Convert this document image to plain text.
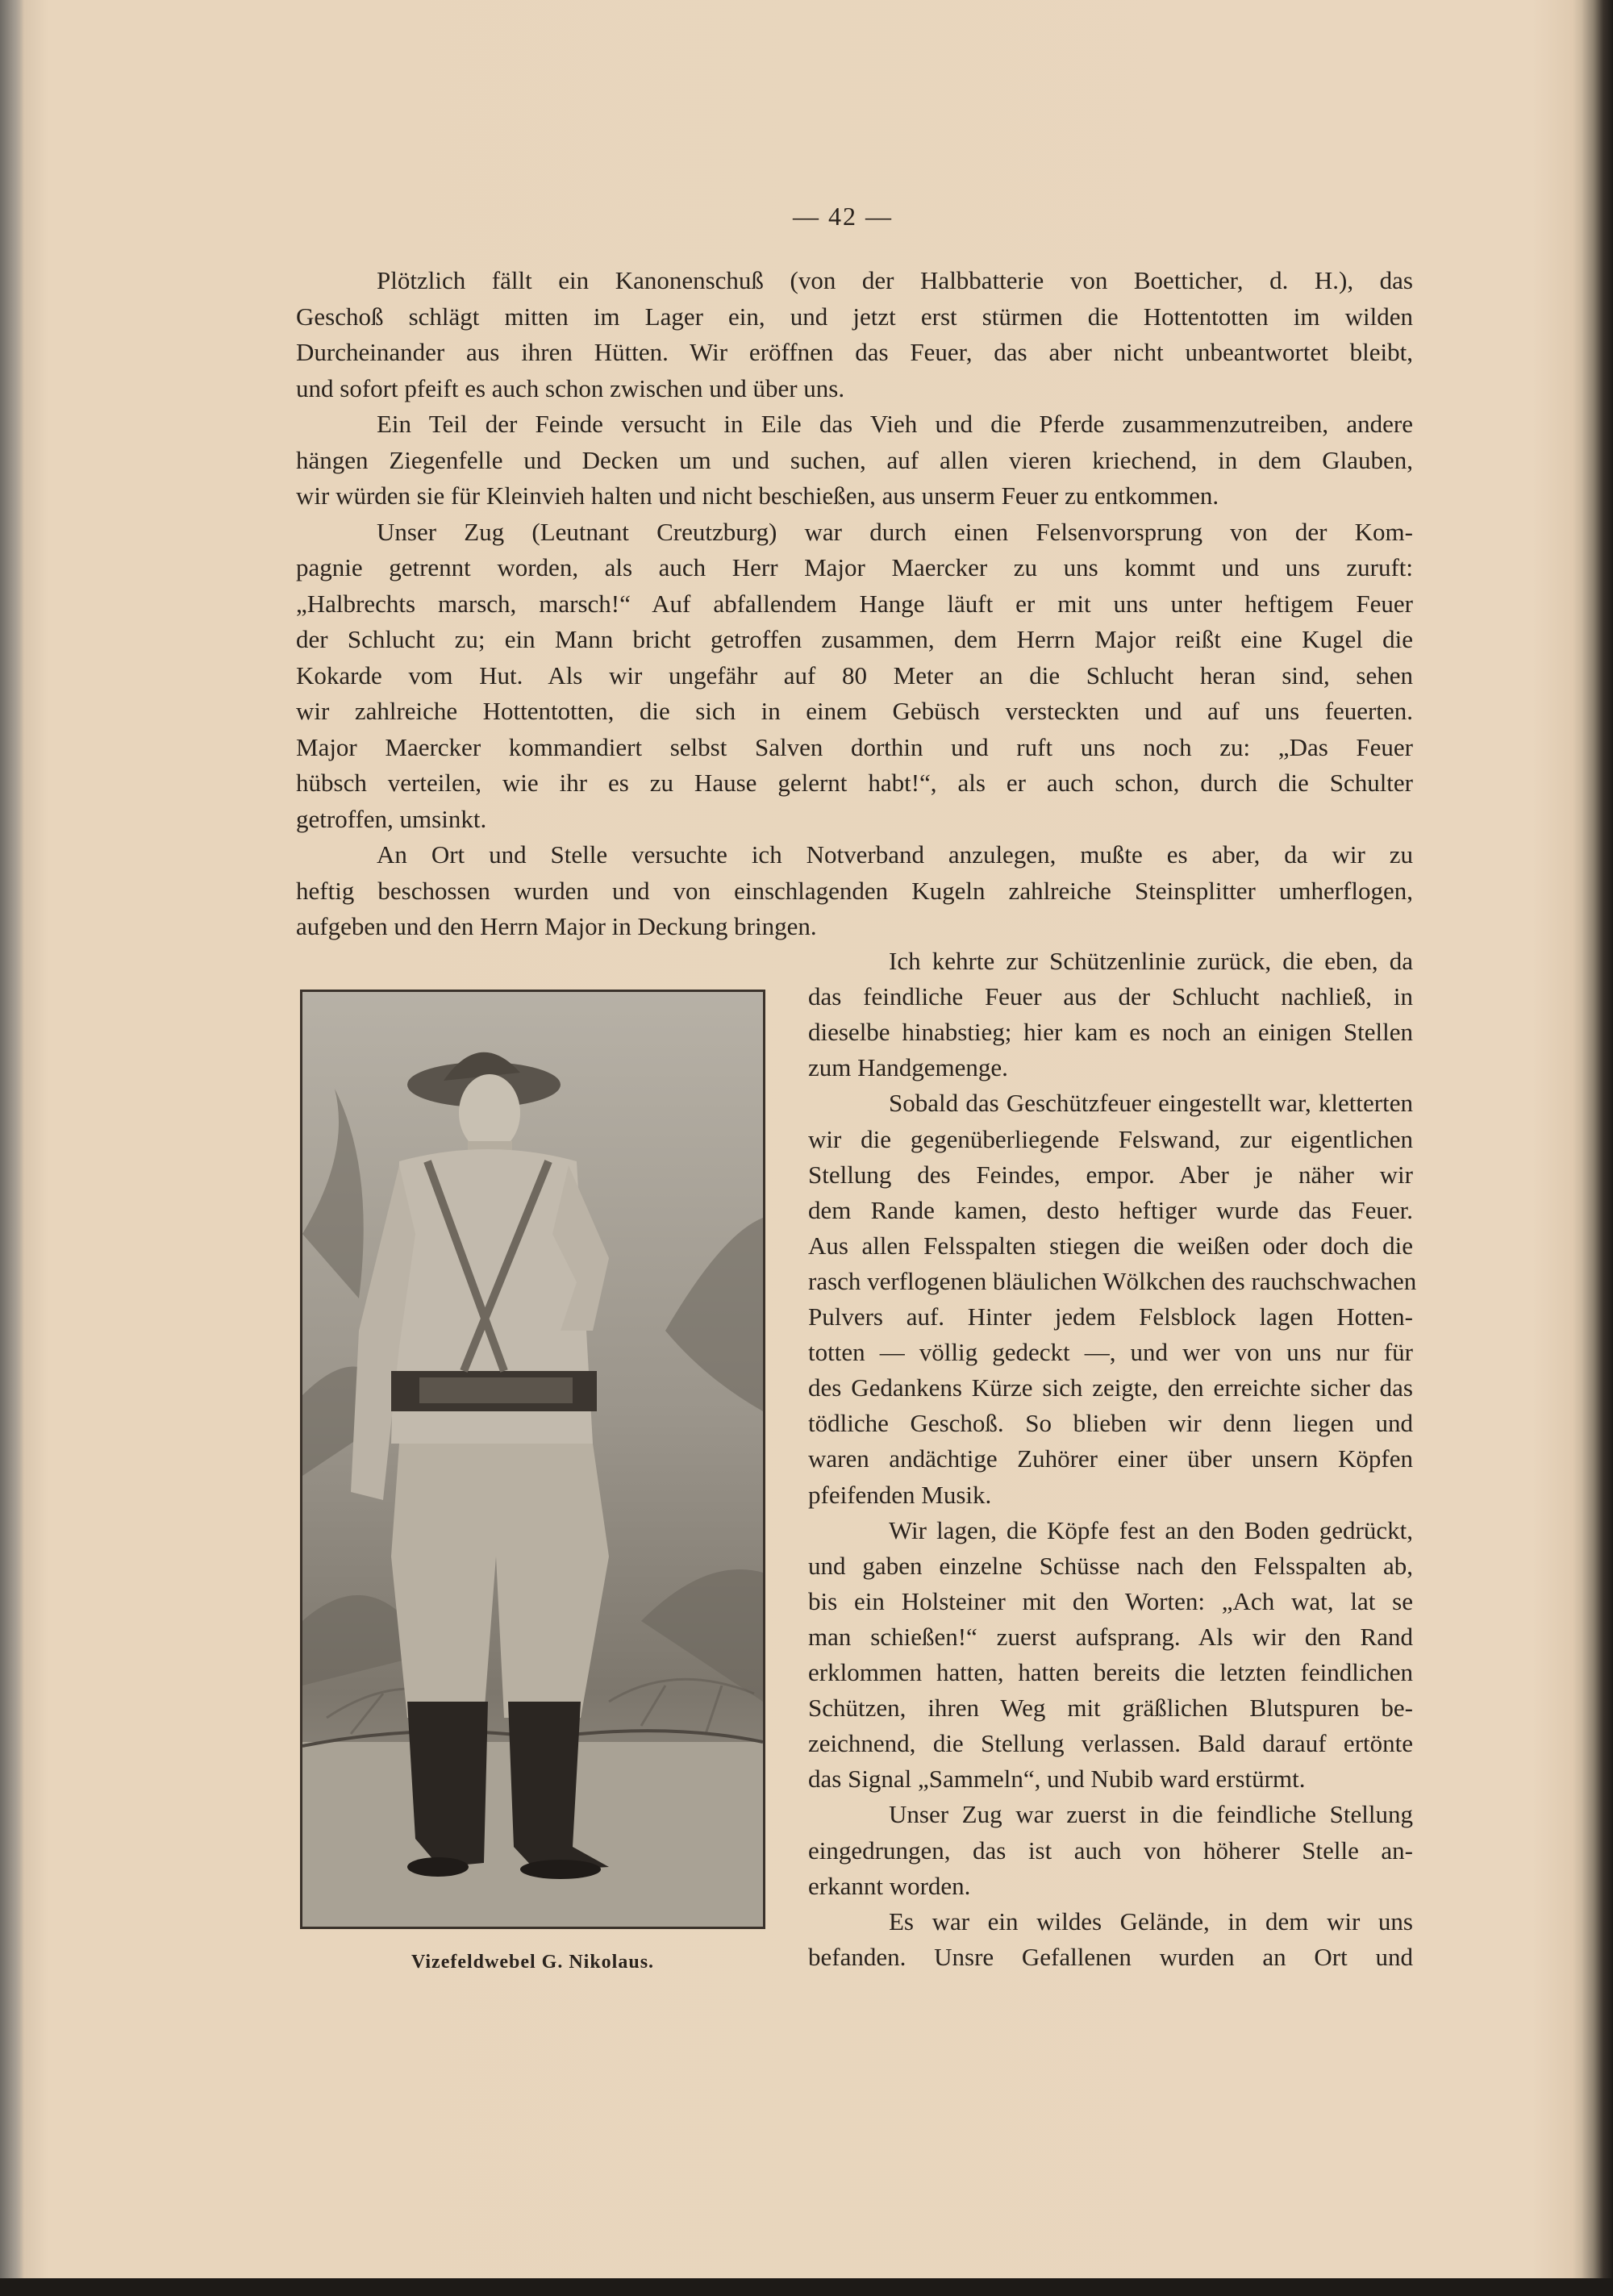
— 42 —
Plötzlich fällt ein Kanonenschuß (von der Halbbatterie von Boetticher, d. H.), das
Geschoß schlägt mitten im Lager ein, und jetzt erst stürmen die Hottentotten im wilden
Durcheinander aus ihren Hütten. Wir eröffnen das Feuer, das aber nicht unbeantwortet bleibt,
und sofort pfeift es auch schon zwischen und über uns.
Ein Teil der Feinde versucht in Eile das Vieh und die Pferde zusammenzutreiben, andere
hängen Ziegenfelle und Decken um und suchen, auf allen vieren kriechend, in dem Glauben,
wir würden sie für Kleinvieh halten und nicht beschießen, aus unserm Feuer zu entkommen.
Unser Zug (Leutnant Creutzburg) war durch einen Felsenvorsprung von der Kom-
pagnie getrennt worden, als auch Herr Major Maercker zu uns kommt und uns zuruft:
„Halbrechts marsch, marsch!“ Auf abfallendem Hange läuft er mit uns unter heftigem Feuer
der Schlucht zu; ein Mann bricht getroffen zusammen, dem Herrn Major reißt eine Kugel die
Kokarde vom Hut. Als wir ungefähr auf 80 Meter an die Schlucht heran sind, sehen
wir zahlreiche Hottentotten, die sich in einem Gebüsch versteckten und auf uns feuerten.
Major Maercker kommandiert selbst Salven dorthin und ruft uns noch zu: „Das Feuer
hübsch verteilen, wie ihr es zu Hause gelernt habt!“, als er auch schon, durch die Schulter
getroffen, umsinkt.
An Ort und Stelle versuchte ich Notverband anzulegen, mußte es aber, da wir zu
heftig beschossen wurden und von einschlagenden Kugeln zahlreiche Steinsplitter umherflogen,
aufgeben und den Herrn Major in Deckung bringen.
Ich kehrte zur Schützenlinie zurück, die eben, da
das feindliche Feuer aus der Schlucht nachließ, in
dieselbe hinabstieg; hier kam es noch an einigen Stellen
zum Handgemenge.
Sobald das Geschützfeuer eingestellt war, kletterten
wir die gegenüberliegende Felswand, zur eigentlichen
Stellung des Feindes, empor. Aber je näher wir
dem Rande kamen, desto heftiger wurde das Feuer.
Aus allen Felsspalten stiegen die weißen oder doch die
rasch verflogenen bläulichen Wölkchen des rauchschwachen
Pulvers auf. Hinter jedem Felsblock lagen Hotten-
totten — völlig gedeckt —, und wer von uns nur für
des Gedankens Kürze sich zeigte, den erreichte sicher das
tödliche Geschoß. So blieben wir denn liegen und
waren andächtige Zuhörer einer über unsern Köpfen
pfeifenden Musik.
Wir lagen, die Köpfe fest an den Boden gedrückt,
und gaben einzelne Schüsse nach den Felsspalten ab,
bis ein Holsteiner mit den Worten: „Ach wat, lat se
man schießen!“ zuerst aufsprang. Als wir den Rand
erklommen hatten, hatten bereits die letzten feindlichen
Schützen, ihren Weg mit gräßlichen Blutspuren be-
zeichnend, die Stellung verlassen. Bald darauf ertönte
das Signal „Sammeln“, und Nubib ward erstürmt.
Unser Zug war zuerst in die feindliche Stellung
eingedrungen, das ist auch von höherer Stelle an-
erkannt worden.
Es war ein wildes Gelände, in dem wir uns
befanden. Unsre Gefallenen wurden an Ort und
Vizefeldwebel G. Nikolaus.
